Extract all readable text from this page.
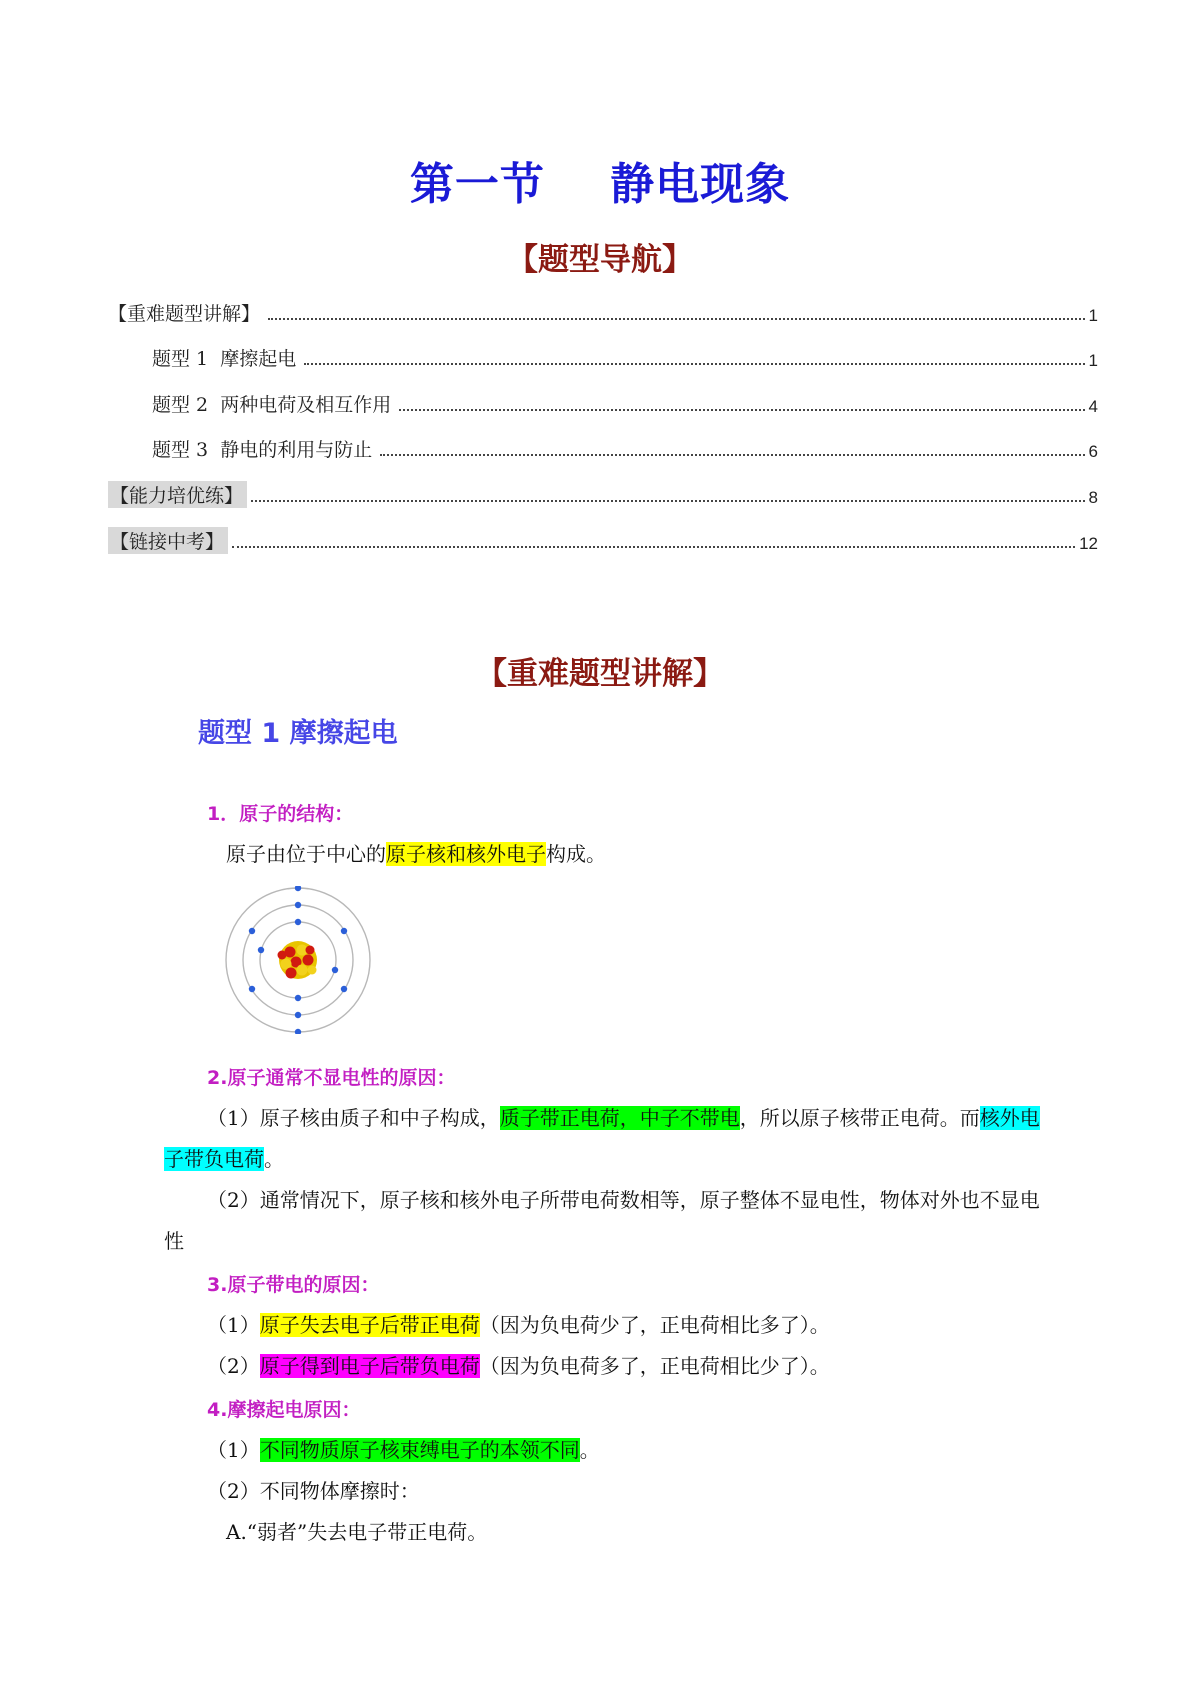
第一节    静电现象
【题型导航】
【重难题型讲解】	1
题型 1  摩擦起电	1
题型 2  两种电荷及相互作用	4
题型 3  静电的利用与防止	6
【能力培优练】	8
【链接中考】	12
【重难题型讲解】
题型 1 摩擦起电
1．原子的结构：
原子由位于中心的原子核和核外电子构成。
2.原子通常不显电性的原因：
（1）原子核由质子和中子构成，质子带正电荷，中子不带电，所以原子核带正电荷。而核外电
子带负电荷。
（2）通常情况下，原子核和核外电子所带电荷数相等，原子整体不显电性，物体对外也不显电
性
3.原子带电的原因：
（1）原子失去电子后带正电荷（因为负电荷少了，正电荷相比多了）。
（2）原子得到电子后带负电荷（因为负电荷多了，正电荷相比少了）。
4.摩擦起电原因：
（1）不同物质原子核束缚电子的本领不同。
（2）不同物体摩擦时：
A.“弱者”失去电子带正电荷。
